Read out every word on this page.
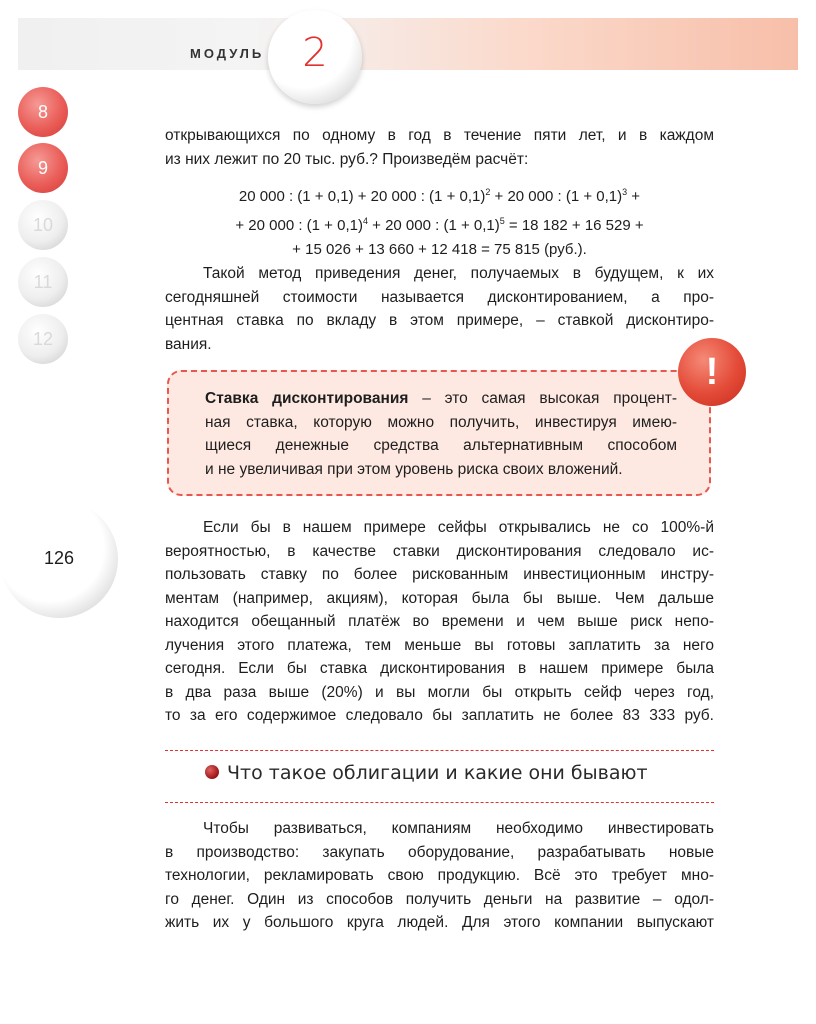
МОДУЛЬ 2
8
9
10
11
12
126
открывающихся по одному в год в течение пяти лет, и в каждом
из них лежит по 20 тыс. руб.? Произведём расчёт:
20 000 : (1 + 0,1) + 20 000 : $(1 + 0,1)^2 + 20$ 000 : $(1 + 0,1)^3$ +
+ 20 000 : $(1 + 0,1)^4 + 20$ 000 : $(1 + 0,1)^5 = 18$ 182 + 16 529 +
+ 15 026 + 13 660 + 12 418 = 75 815 (руб.).
Такой метод приведения денег, получаемых в будущем, к их
сегодняшней стоимости называется дисконтированием, а про-
центная ставка по вкладу в этом примере, – ставкой дисконтиро-
вания.
!
Ставка дисконтирования – это самая высокая процент-
ная ставка, которую можно получить, инвестируя имею-
щиеся денежные средства альтернативным способом
и не увеличивая при этом уровень риска своих вложений.
Если бы в нашем примере сейфы открывались не со 100%-й
вероятностью, в качестве ставки дисконтирования следовало ис-
пользовать ставку по более рискованным инвестиционным инстру-
ментам (например, акциям), которая была бы выше. Чем дальше
находится обещанный платёж во времени и чем выше риск непо-
лучения этого платежа, тем меньше вы готовы заплатить за него
сегодня. Если бы ставка дисконтирования в нашем примере была
в два раза выше (20%) и вы могли бы открыть сейф через год,
то за его содержимое следовало бы заплатить не более 83 333 руб.
Что такое облигации и какие они бывают
Чтобы развиваться, компаниям необходимо инвестировать
в производство: закупать оборудование, разрабатывать новые
технологии, рекламировать свою продукцию. Всё это требует мно-
го денег. Один из способов получить деньги на развитие – одол-
жить их у большого круга людей. Для этого компании выпускают
